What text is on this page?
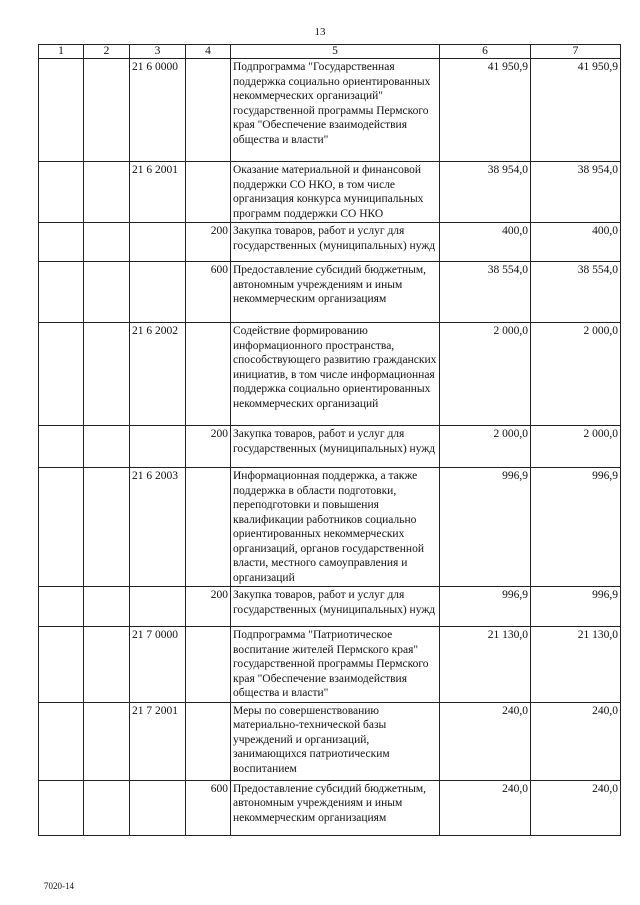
13
1	2	3	4	5	6	7
		21 6 0000		Подпрограмма "Государственная поддержка социально ориентированных некоммерческих организаций" государственной программы Пермского края "Обеспечение взаимодействия общества и власти"	41 950,9	41 950,9
		21 6 2001		Оказание материальной и финансовой поддержки СО НКО, в том числе организация конкурса муниципальных программ поддержки СО НКО	38 954,0	38 954,0
			200	Закупка товаров, работ и услуг для государственных (муниципальных) нужд	400,0	400,0
			600	Предоставление субсидий бюджетным, автономным учреждениям и иным некоммерческим организациям	38 554,0	38 554,0
		21 6 2002		Содействие формированию информационного пространства, способствующего развитию гражданских инициатив, в том числе информационная поддержка социально ориентированных некоммерческих организаций	2 000,0	2 000,0
			200	Закупка товаров, работ и услуг для государственных (муниципальных) нужд	2 000,0	2 000,0
		21 6 2003		Информационная поддержка, а также поддержка в области подготовки, переподготовки и повышения квалификации работников социально ориентированных некоммерческих организаций, органов государственной власти, местного самоуправления и организаций	996,9	996,9
			200	Закупка товаров, работ и услуг для государственных (муниципальных) нужд	996,9	996,9
		21 7 0000		Подпрограмма "Патриотическое воспитание жителей Пермского края" государственной программы Пермского края "Обеспечение взаимодействия общества и власти"	21 130,0	21 130,0
		21 7 2001		Меры по совершенствованию материально-технической базы учреждений и организаций, занимающихся патриотическим воспитанием	240,0	240,0
			600	Предоставление субсидий бюджетным, автономным учреждениям и иным некоммерческим организациям	240,0	240,0
7020-14
